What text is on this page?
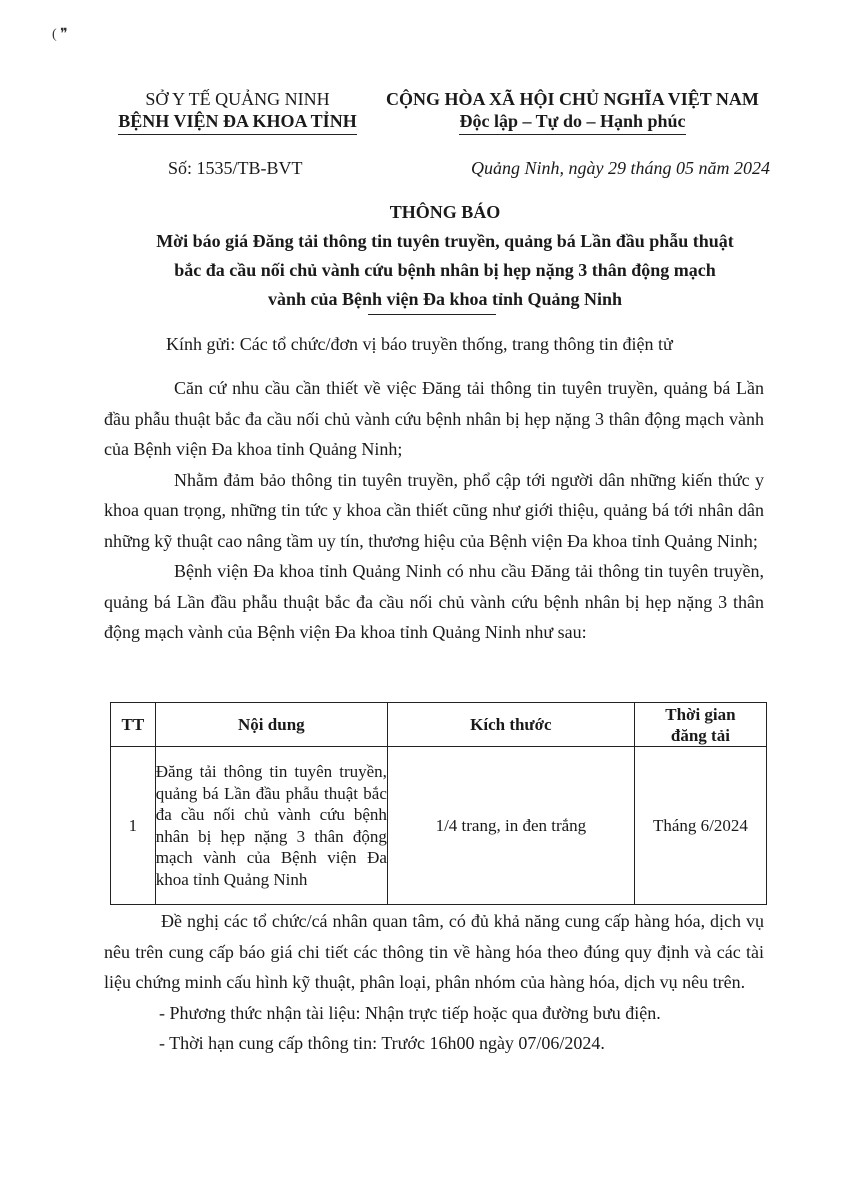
( ❞
SỞ Y TẾ QUẢNG NINH
BỆNH VIỆN ĐA KHOA TỈNH
CỘNG HÒA XÃ HỘI CHỦ NGHĨA VIỆT NAM
Độc lập – Tự do – Hạnh phúc
Số: 1535/TB-BVT	Quảng Ninh, ngày 29 tháng 05 năm 2024
THÔNG BÁO
Mời báo giá Đăng tải thông tin tuyên truyền, quảng bá Lần đầu phẫu thuật
bắc đa cầu nối chủ vành cứu bệnh nhân bị hẹp nặng 3 thân động mạch
vành của Bệnh viện Đa khoa tỉnh Quảng Ninh
Kính gửi: Các tổ chức/đơn vị báo truyền thống, trang thông tin điện tử

Căn cứ nhu cầu cần thiết về việc Đăng tải thông tin tuyên truyền, quảng bá Lần đầu phẫu thuật bắc đa cầu nối chủ vành cứu bệnh nhân bị hẹp nặng 3 thân động mạch vành của Bệnh viện Đa khoa tỉnh Quảng Ninh;

Nhằm đảm bảo thông tin tuyên truyền, phổ cập tới người dân những kiến thức y khoa quan trọng, những tin tức y khoa cần thiết cũng như giới thiệu, quảng bá tới nhân dân những kỹ thuật cao nâng tầm uy tín, thương hiệu của Bệnh viện Đa khoa tỉnh Quảng Ninh;

Bệnh viện Đa khoa tỉnh Quảng Ninh có nhu cầu Đăng tải thông tin tuyên truyền, quảng bá Lần đầu phẫu thuật bắc đa cầu nối chủ vành cứu bệnh nhân bị hẹp nặng 3 thân động mạch vành của Bệnh viện Đa khoa tỉnh Quảng Ninh như sau:

TT	Nội dung	Kích thước	Thời gian
đăng tải

1	Đăng tải thông tin tuyên truyền, quảng bá Lần đầu phẫu thuật bắc đa cầu nối chủ vành cứu bệnh nhân bị hẹp nặng 3 thân động mạch vành của Bệnh viện Đa khoa tỉnh Quảng Ninh	1/4 trang, in đen trắng	Tháng 6/2024

Đề nghị các tổ chức/cá nhân quan tâm, có đủ khả năng cung cấp hàng hóa, dịch vụ nêu trên cung cấp báo giá chi tiết các thông tin về hàng hóa theo đúng quy định và các tài liệu chứng minh cấu hình kỹ thuật, phân loại, phân nhóm của hàng hóa, dịch vụ nêu trên.

- Phương thức nhận tài liệu: Nhận trực tiếp hoặc qua đường bưu điện.

- Thời hạn cung cấp thông tin: Trước 16h00 ngày 07/06/2024.
